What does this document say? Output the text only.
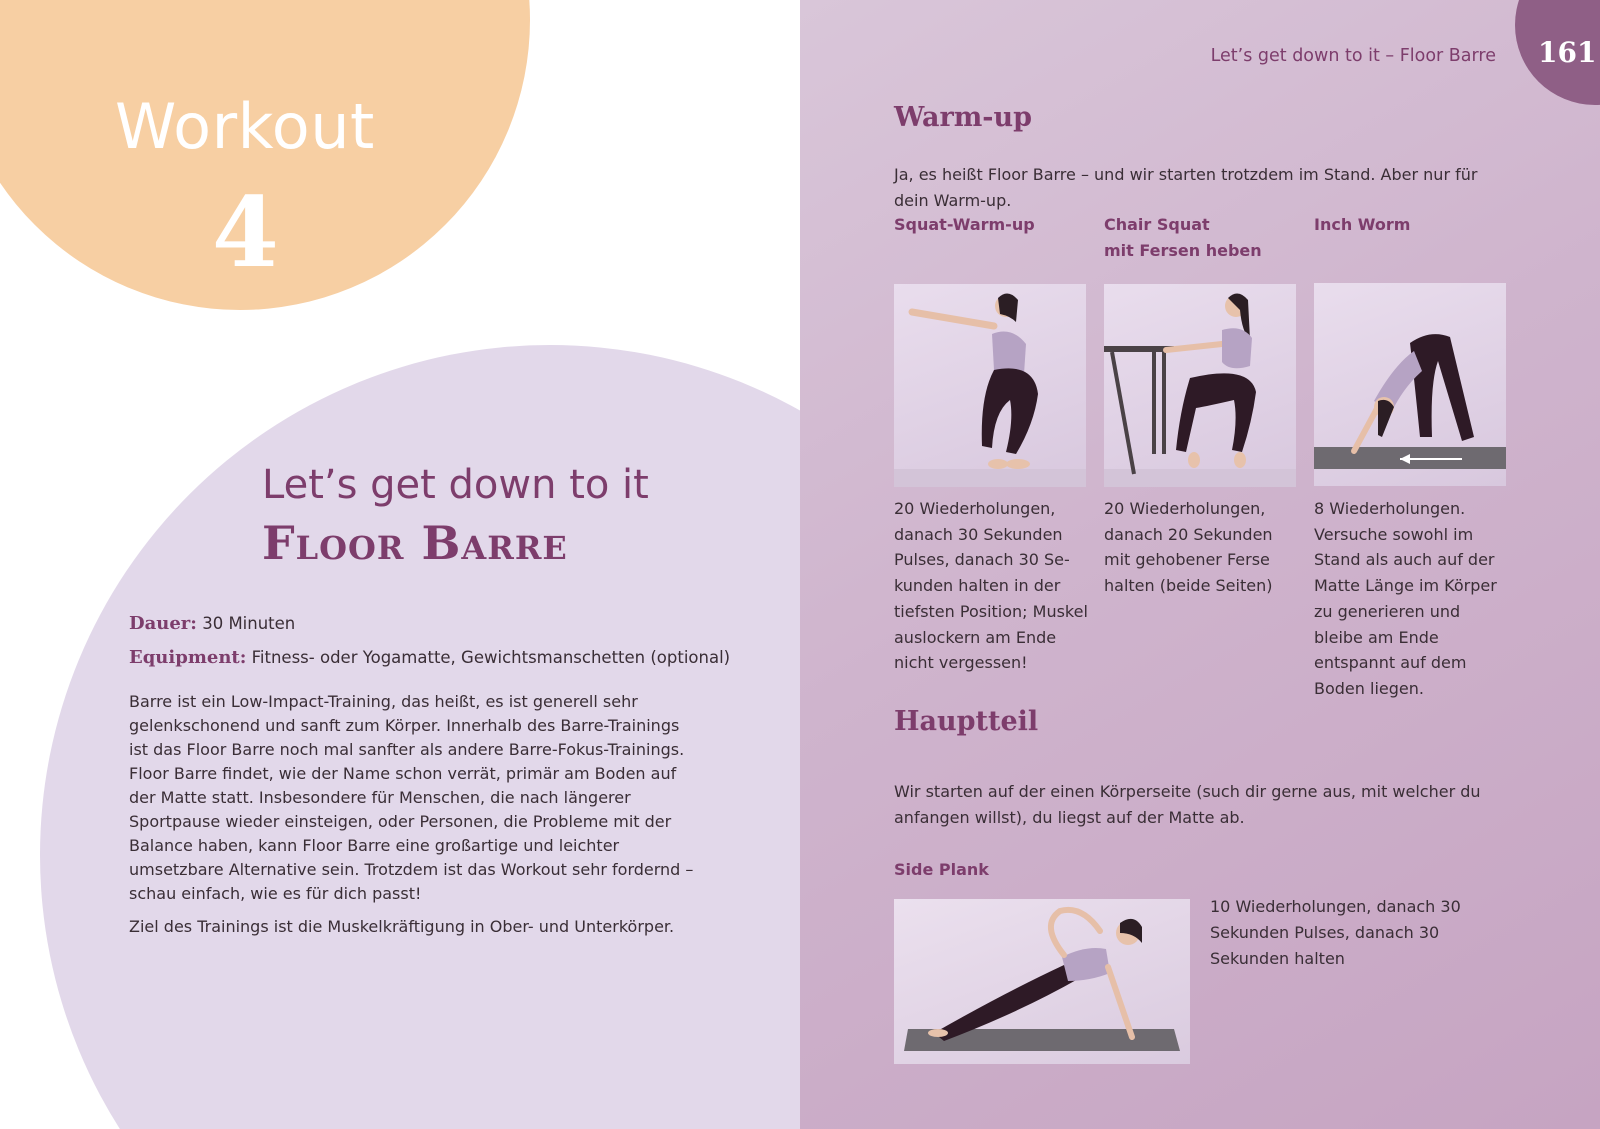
Workout
4
Let’s get down to it
Floor Barre
Dauer: 30 Minuten
Equipment: Fitness- oder Yogamatte, Gewichtsmanschetten (optional)

Barre ist ein Low-Impact-Training, das heißt, es ist generell sehr gelenkschonend und sanft zum Körper. Innerhalb des Barre-Trainings ist das Floor Barre noch mal sanfter als andere Barre-Fokus-Trainings. Floor Barre findet, wie der Name schon verrät, primär am Boden auf der Matte statt. Insbesondere für Menschen, die nach längerer Sportpause wieder einsteigen, oder Personen, die Probleme mit der Balance haben, kann Floor Barre eine großartige und leichter umsetzbare Alternative sein. Trotzdem ist das Workout sehr fordernd – schau einfach, wie es für dich passt!

Ziel des Trainings ist die Muskelkräftigung in Ober- und Unterkörper.

161
Let’s get down to it – Floor Barre
Warm-up
Ja, es heißt Floor Barre – und wir starten trotzdem im Stand. Aber nur für dein Warm-up.
Squat-Warm-up
20 Wiederholungen, danach 30 Sekunden Pulses, danach 30 Sekunden halten in der tiefsten Position; Muskel auslockern am Ende nicht vergessen!
Chair Squat
mit Fersen heben
20 Wiederholungen, danach 20 Sekunden mit gehobener Ferse halten (beide Seiten)
Inch Worm
8 Wiederholungen. Versuche sowohl im Stand als auch auf der Matte Länge im Körper zu generieren und bleibe am Ende entspannt auf dem Boden liegen.
Hauptteil
Wir starten auf der einen Körperseite (such dir gerne aus, mit welcher du anfangen willst), du liegst auf der Matte ab.
Side Plank
10 Wiederholungen, danach 30 Sekunden Pulses, danach 30 Sekunden halten
